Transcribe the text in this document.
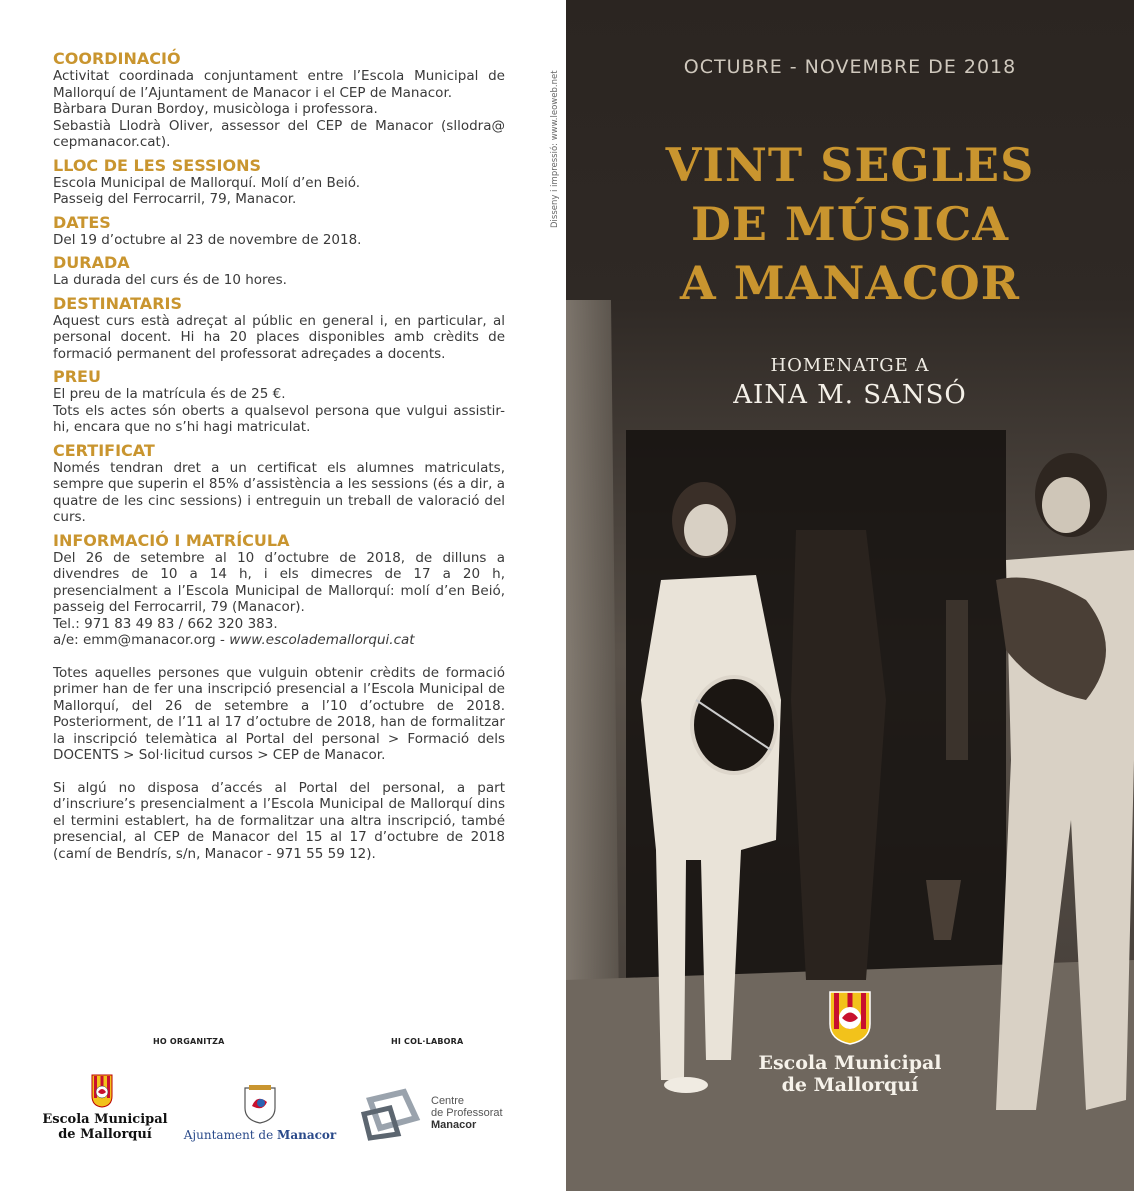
COORDINACIÓ

Activitat coordinada conjuntament entre l’Escola Municipal de Mallorquí de l’Ajuntament de Manacor i el CEP de Manacor.

Bàrbara Duran Bordoy, musicòloga i professora.

Sebastià Llodrà Oliver, assessor del CEP de Manacor (sllodra@ cepmanacor.cat).

LLOC DE LES SESSIONS

Escola Municipal de Mallorquí. Molí d’en Beió.

Passeig del Ferrocarril, 79, Manacor.

DATES

Del 19 d’octubre al 23 de novembre de 2018.

DURADA

La durada del curs és de 10 hores.

DESTINATARIS

Aquest curs està adreçat al públic en general i, en particular, al personal docent. Hi ha 20 places disponibles amb crèdits de formació permanent del professorat adreçades a docents.

PREU

El preu de la matrícula és de 25 €.

Tots els actes són oberts a qualsevol persona que vulgui assistir-hi, encara que no s’hi hagi matriculat.

CERTIFICAT

Només tendran dret a un certificat els alumnes matriculats, sempre que superin el 85% d’assistència a les sessions (és a dir, a quatre de les cinc sessions) i entreguin un treball de valoració del curs.

INFORMACIÓ I MATRÍCULA

Del 26 de setembre al 10 d’octubre de 2018, de dilluns a divendres de 10 a 14 h, i els dimecres de 17 a 20 h, presencialment a l’Escola Municipal de Mallorquí: molí d’en Beió, passeig del Ferrocarril, 79 (Manacor).

Tel.: 971 83 49 83 / 662 320 383.

a/e: emm@manacor.org - www.escolademallorqui.cat

Totes aquelles persones que vulguin obtenir crèdits de formació primer han de fer una inscripció presencial a l’Escola Municipal de Mallorquí, del 26 de setembre a l’10 d’octubre de 2018. Posteriorment, de l’11 al 17 d’octubre de 2018, han de formalitzar la inscripció telemàtica al Portal del personal > Formació dels DOCENTS > Sol·licitud cursos > CEP de Manacor.

Si algú no disposa d’accés al Portal del personal, a part d’inscriure’s presencialment a l’Escola Municipal de Mallorquí dins el termini establert, ha de formalitzar una altra inscripció, també presencial, al CEP de Manacor del 15 al 17 d’octubre de 2018 (camí de Bendrís, s/n, Manacor - 971 55 59 12).

Disseny i impressió: www.leoweb.net
HO ORGANITZA	HI COL·LABORA
Escola Municipal
de Mallorquí	Ajuntament de Manacor
Centre
de Professorat
Manacor
OCTUBRE - NOVEMBRE DE 2018
VINT SEGLES
DE MÚSICA
A MANACOR
HOMENATGE A
AINA M. SANSÓ
Escola Municipal
de Mallorquí
